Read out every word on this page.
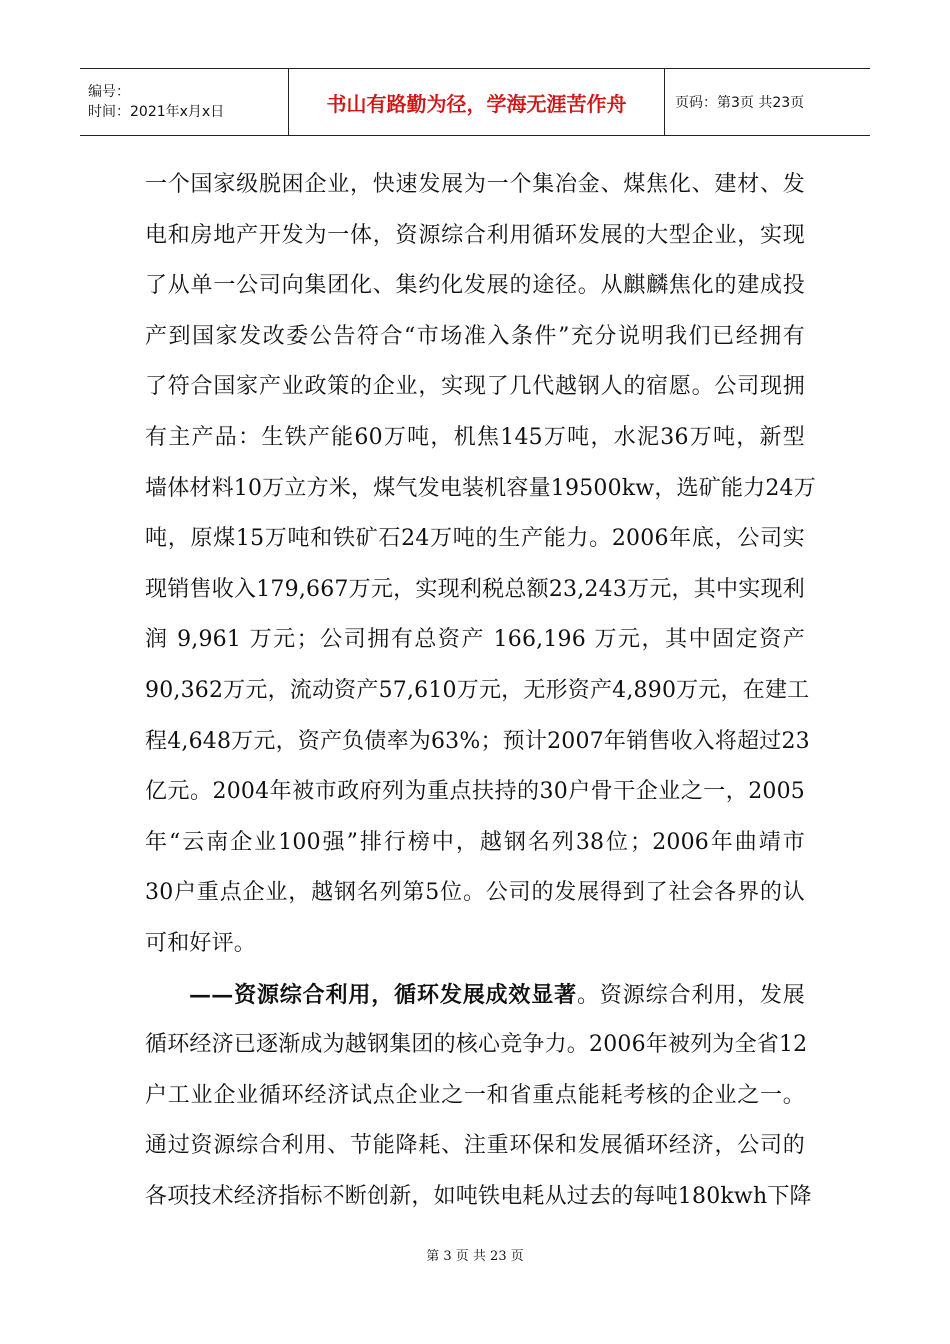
编号：
时间：2021年x月x日	书山有路勤为径，学海无涯苦作舟	页码：第3页 共23页
一个国家级脱困企业，快速发展为一个集冶金、煤焦化、建材、发
电和房地产开发为一体，资源综合利用循环发展的大型企业，实现
了从单一公司向集团化、集约化发展的途径。从麒麟焦化的建成投
产到国家发改委公告符合“市场准入条件”充分说明我们已经拥有
了符合国家产业政策的企业，实现了几代越钢人的宿愿。公司现拥
有主产品：生铁产能60万吨，机焦145万吨，水泥36万吨，新型
墙体材料10万立方米，煤气发电装机容量19500kw，选矿能力24万
吨，原煤15万吨和铁矿石24万吨的生产能力。2006年底，公司实
现销售收入179,667万元，实现利税总额23,243万元，其中实现利
润 9,961 万元；公司拥有总资产 166,196 万元，其中固定资产
90,362万元，流动资产57,610万元，无形资产4,890万元，在建工
程4,648万元，资产负债率为63%；预计2007年销售收入将超过23
亿元。2004年被市政府列为重点扶持的30户骨干企业之一，2005
年“云南企业100强”排行榜中，越钢名列38位；2006年曲靖市
30户重点企业，越钢名列第5位。公司的发展得到了社会各界的认
可和好评。
——资源综合利用，循环发展成效显著。资源综合利用，发展
循环经济已逐渐成为越钢集团的核心竞争力。2006年被列为全省12
户工业企业循环经济试点企业之一和省重点能耗考核的企业之一。
通过资源综合利用、节能降耗、注重环保和发展循环经济，公司的
各项技术经济指标不断创新，如吨铁电耗从过去的每吨180kwh下降
第 3 页 共 23 页
